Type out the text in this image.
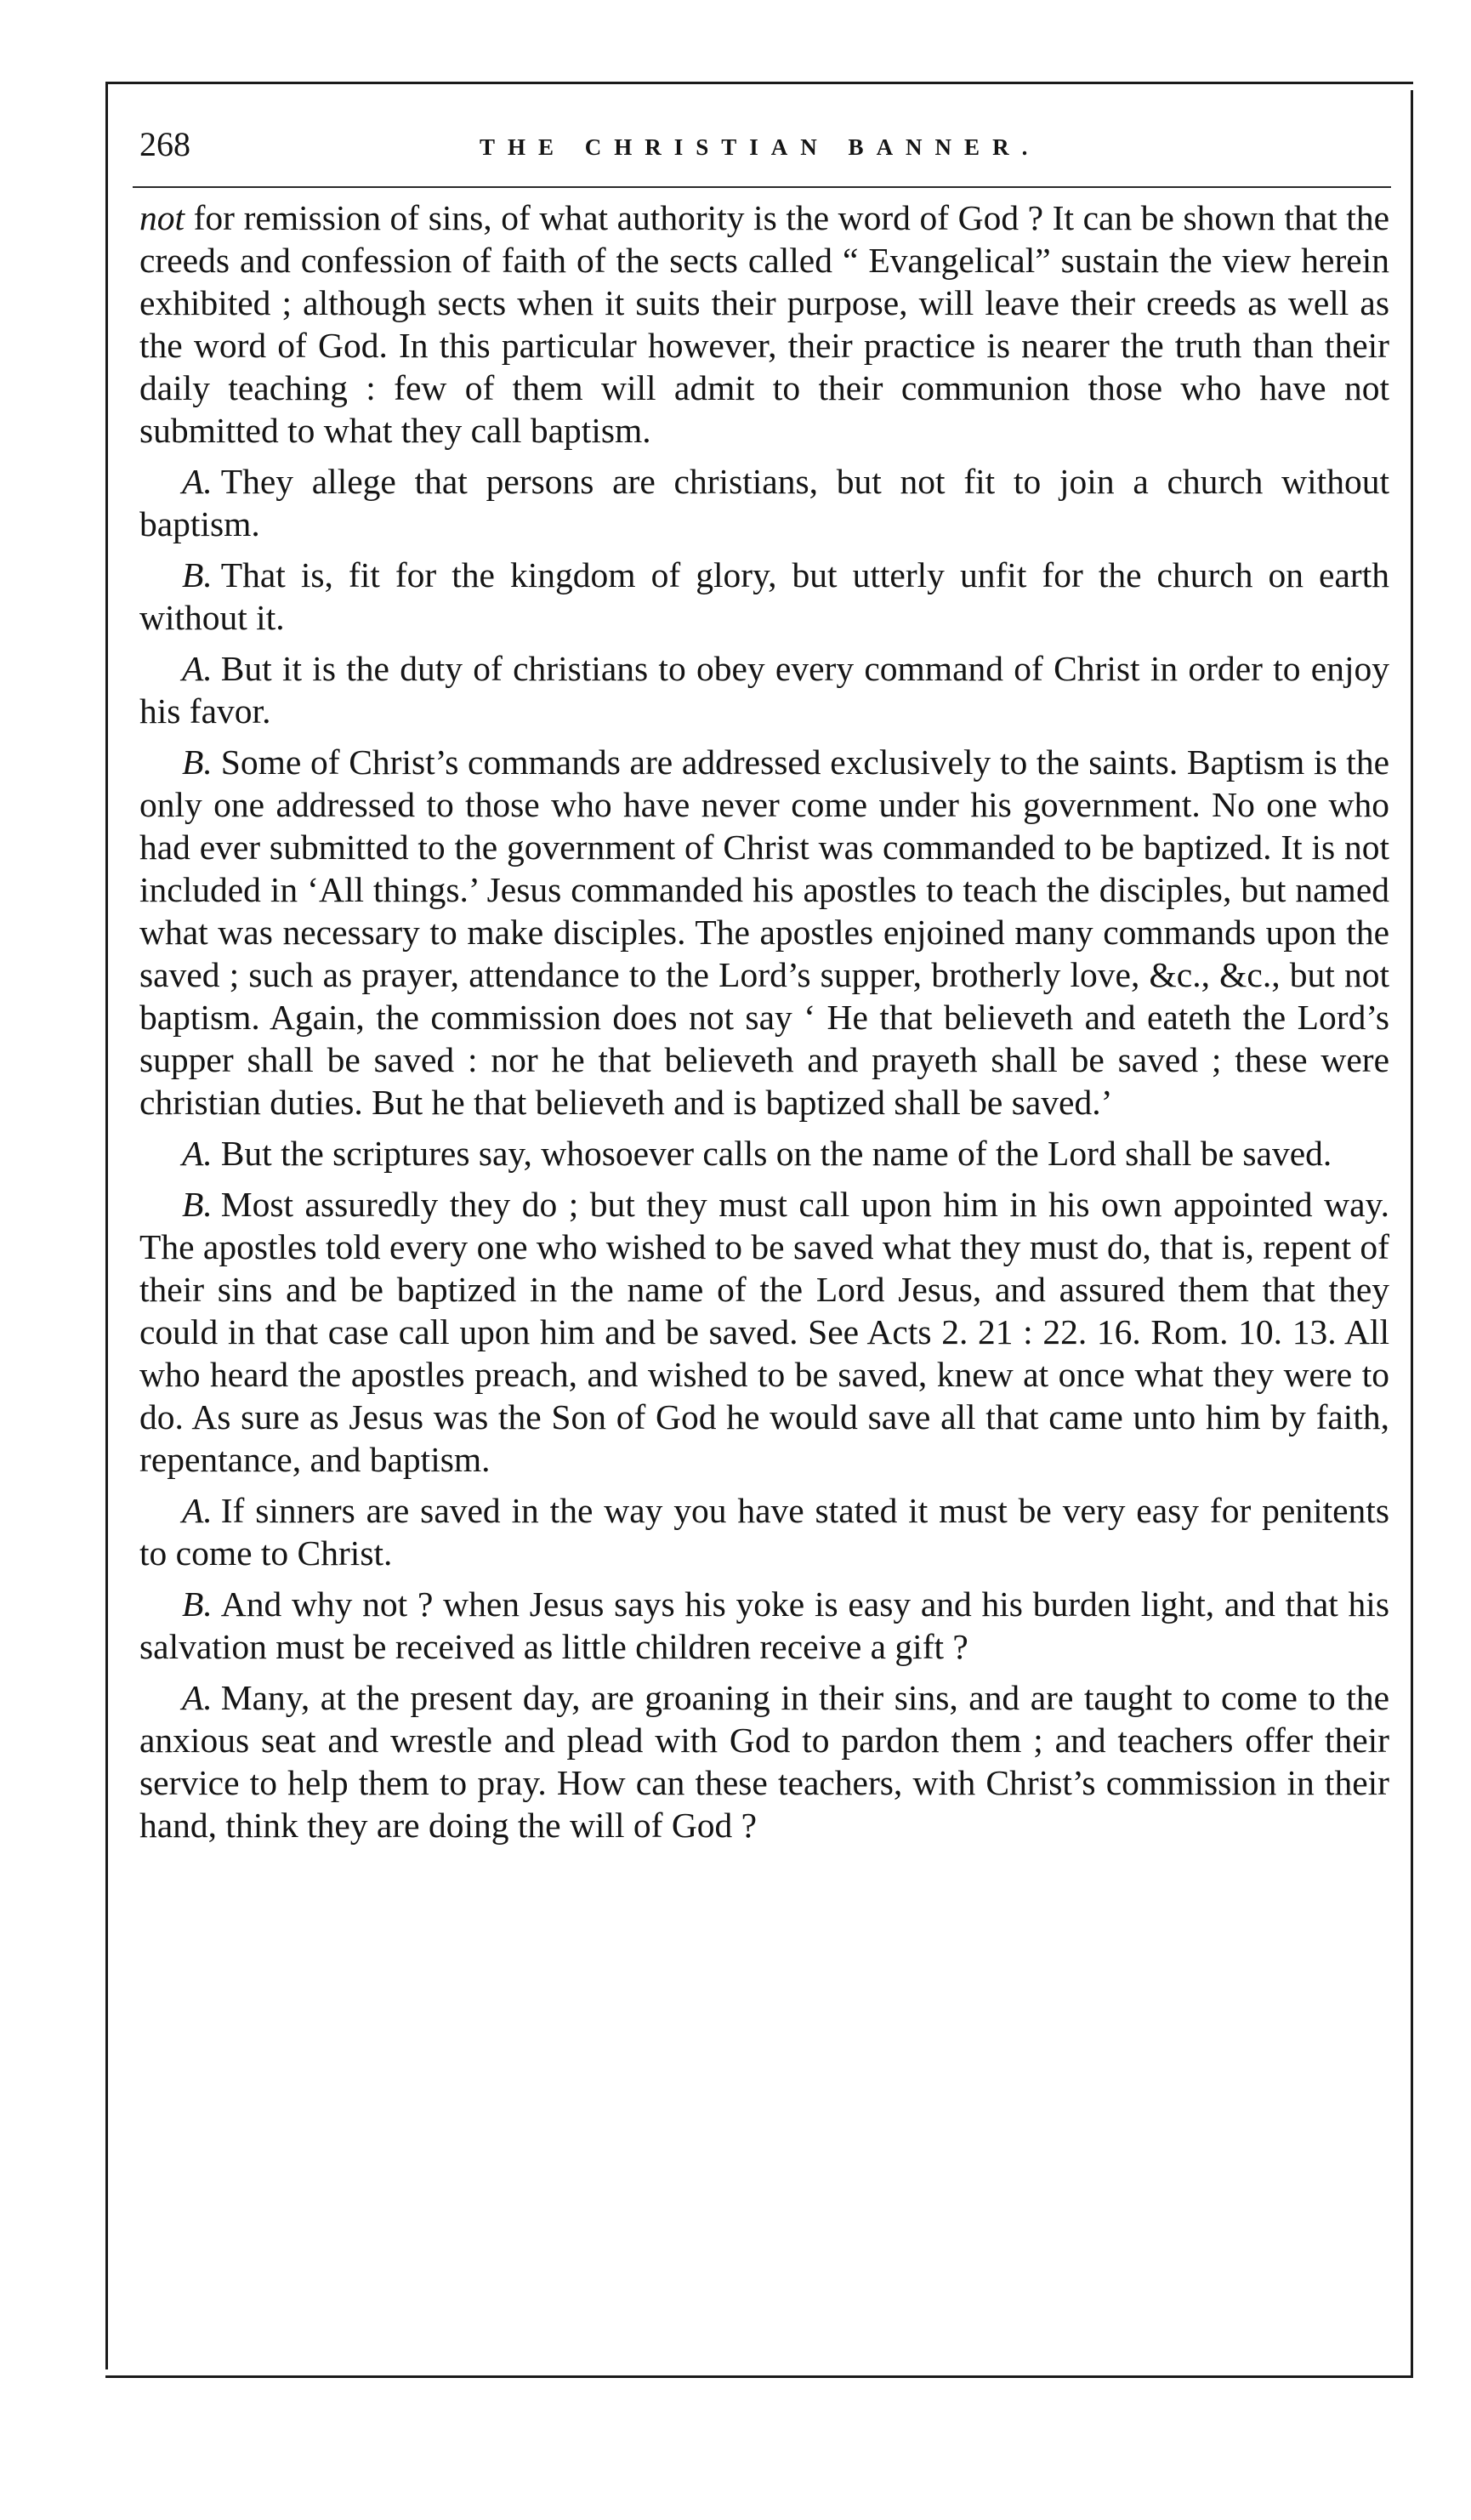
268	THE CHRISTIAN BANNER.

not for remission of sins, of what authority is the word of God ? It can be shown that the creeds and confession of faith of the sects called “ Evangelical” sustain the view herein exhibited ; although sects when it suits their purpose, will leave their creeds as well as the word of God. In this particular however, their practice is nearer the truth than their daily teaching : few of them will admit to their communion those who have not submitted to what they call baptism.

A. They allege that persons are christians, but not fit to join a church without baptism.

B. That is, fit for the kingdom of glory, but utterly unfit for the church on earth without it.

A. But it is the duty of christians to obey every command of Christ in order to enjoy his favor.

B. Some of Christ’s commands are addressed exclusively to the saints. Baptism is the only one addressed to those who have never come under his government. No one who had ever submitted to the government of Christ was commanded to be baptized. It is not included in ‘All things.’ Jesus commanded his apostles to teach the disciples, but named what was necessary to make disciples. The apostles enjoined many commands upon the saved ; such as prayer, attendance to the Lord’s supper, brotherly love, &c., &c., but not baptism. Again, the commission does not say ‘ He that believeth and eateth the Lord’s supper shall be saved : nor he that believeth and prayeth shall be saved ; these were christian duties. But he that believeth and is baptized shall be saved.’

A. But the scriptures say, whosoever calls on the name of the Lord shall be saved.

B. Most assuredly they do ; but they must call upon him in his own appointed way. The apostles told every one who wished to be saved what they must do, that is, repent of their sins and be baptized in the name of the Lord Jesus, and assured them that they could in that case call upon him and be saved. See Acts 2. 21 : 22. 16. Rom. 10. 13. All who heard the apostles preach, and wished to be saved, knew at once what they were to do. As sure as Jesus was the Son of God he would save all that came unto him by faith, repentance, and baptism.

A. If sinners are saved in the way you have stated it must be very easy for penitents to come to Christ.

B. And why not ? when Jesus says his yoke is easy and his burden light, and that his salvation must be received as little children receive a gift ?

A. Many, at the present day, are groaning in their sins, and are taught to come to the anxious seat and wrestle and plead with God to pardon them ; and teachers offer their service to help them to pray. How can these teachers, with Christ’s commission in their hand, think they are doing the will of God ?
